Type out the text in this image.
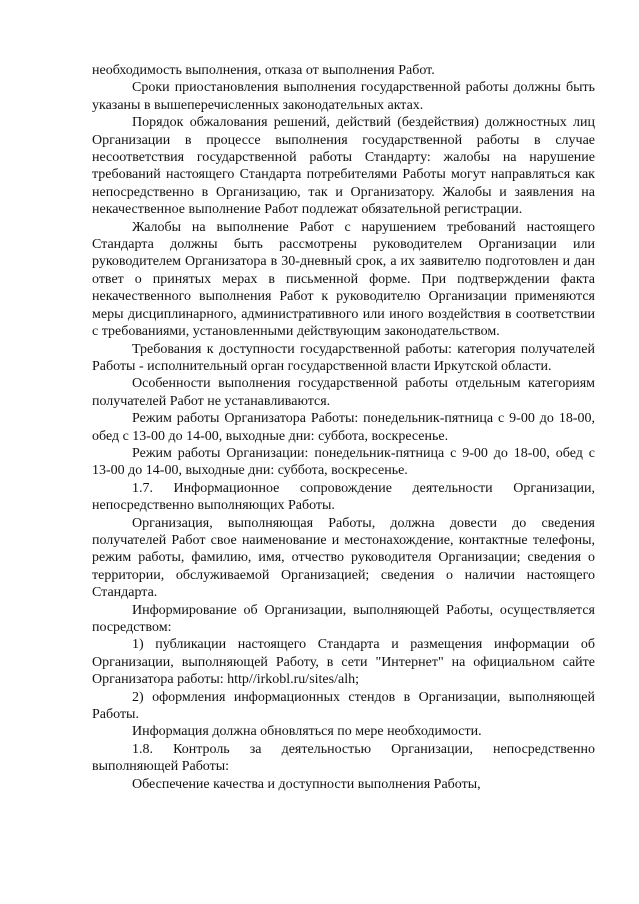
необходимость выполнения, отказа от выполнения Работ.

Сроки приостановления выполнения государственной работы должны быть указаны в вышеперечисленных законодательных актах.

Порядок обжалования решений, действий (бездействия) должностных лиц Организации в процессе выполнения государственной работы в случае несоответствия государственной работы Стандарту: жалобы на нарушение требований настоящего Стандарта потребителями Работы могут направляться как непосредственно в Организацию, так и Организатору. Жалобы и заявления на некачественное выполнение Работ подлежат обязательной регистрации.

Жалобы на выполнение Работ с нарушением требований настоящего Стандарта должны быть рассмотрены руководителем Организации или руководителем Организатора в 30-дневный срок, а их заявителю подготовлен и дан ответ о принятых мерах в письменной форме. При подтверждении факта некачественного выполнения Работ к руководителю Организации применяются меры дисциплинарного, административного или иного воздействия в соответствии с требованиями, установленными действующим законодательством.

Требования к доступности государственной работы: категория получателей Работы - исполнительный орган государственной власти Иркутской области.

Особенности выполнения государственной работы отдельным категориям получателей Работ не устанавливаются.

Режим работы Организатора Работы: понедельник-пятница с 9-00 до 18-00, обед с 13-00 до 14-00, выходные дни: суббота, воскресенье.

Режим работы Организации: понедельник-пятница с 9-00 до 18-00, обед с 13-00 до 14-00, выходные дни: суббота, воскресенье.

1.7. Информационное сопровождение деятельности Организации, непосредственно выполняющих Работы.

Организация, выполняющая Работы, должна довести до сведения получателей Работ свое наименование и местонахождение, контактные телефоны, режим работы, фамилию, имя, отчество руководителя Организации; сведения о территории, обслуживаемой Организацией; сведения о наличии настоящего Стандарта.

Информирование об Организации, выполняющей Работы, осуществляется посредством:

1) публикации настоящего Стандарта и размещения информации об Организации, выполняющей Работу, в сети "Интернет" на официальном сайте Организатора работы: http//irkobl.ru/sites/alh;

2) оформления информационных стендов в Организации, выполняющей Работы.

Информация должна обновляться по мере необходимости.

1.8. Контроль за деятельностью Организации, непосредственно выполняющей Работы:

Обеспечение качества и доступности выполнения Работы,
